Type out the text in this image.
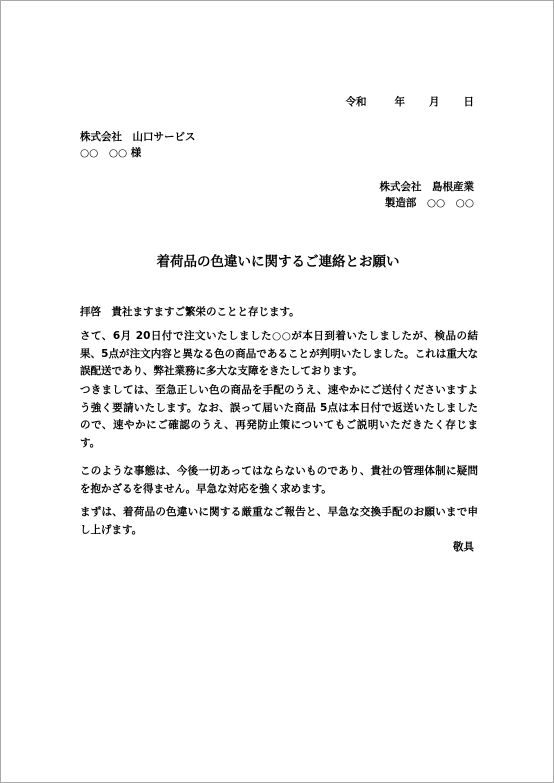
令和	年 月 日
株式会社　山口サービス
○○　○○ 様
株式会社　島根産業
製造部　○○　○○
着荷品の色違いに関するご連絡とお願い
拝啓　貴社ますますご繁栄のことと存じます。
さて、6月 20日付で注文いたしました○○が本日到着いたしましたが、検品の結果、5点が注文内容と異なる色の商品であることが判明いたしました。これは重大な誤配送であり、弊社業務に多大な支障をきたしております。
つきましては、至急正しい色の商品を手配のうえ、速やかにご送付くださいますよう強く要請いたします。なお、誤って届いた商品 5点は本日付で返送いたしましたので、速やかにご確認のうえ、再発防止策についてもご説明いただきたく存じます。
このような事態は、今後一切あってはならないものであり、貴社の管理体制に疑問を抱かざるを得ません。早急な対応を強く求めます。
まずは、着荷品の色違いに関する厳重なご報告と、早急な交換手配のお願いまで申し上げます。
敬具
